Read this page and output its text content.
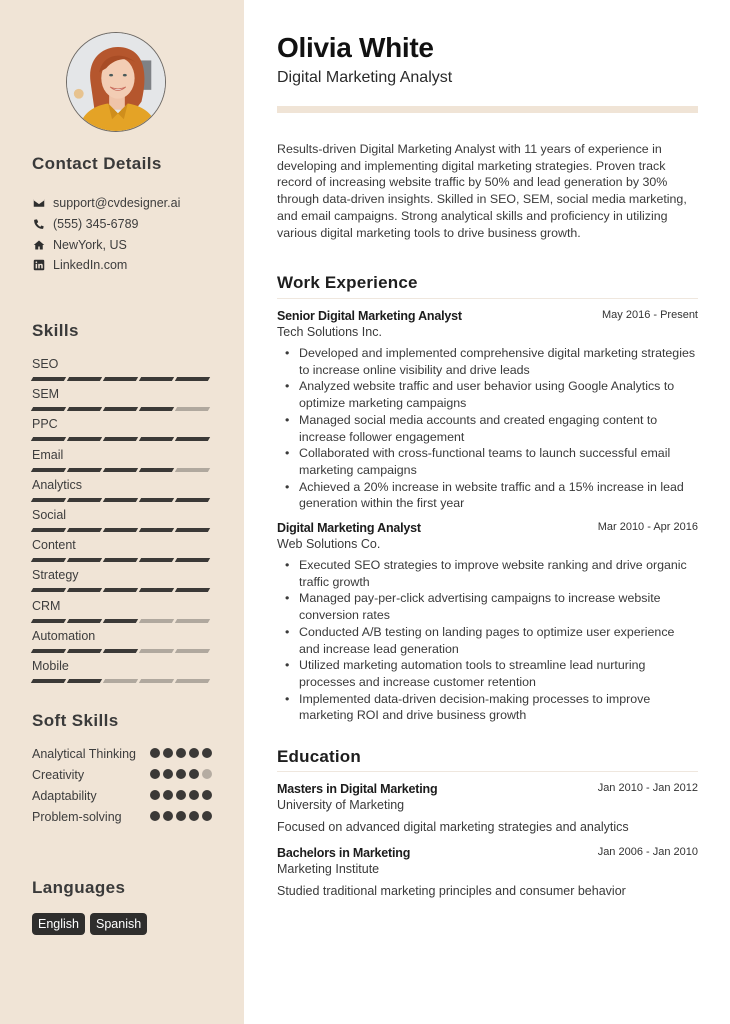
Contact Details
support@cvdesigner.ai
(555) 345-6789
NewYork, US
LinkedIn.com
Skills
SEO
SEM
PPC
Email
Analytics
Social
Content
Strategy
CRM
Automation
Mobile
Soft Skills
Analytical Thinking
Creativity
Adaptability
Problem-solving
Languages
English	Spanish
Olivia White
Digital Marketing Analyst

Results-driven Digital Marketing Analyst with 11 years of experience in developing and implementing digital marketing strategies. Proven track record of increasing website traffic by 50% and lead generation by 30% through data-driven insights. Skilled in SEO, SEM, social media marketing, and email campaigns. Strong analytical skills and proficiency in utilizing various digital marketing tools to drive business growth.

Work Experience
Senior Digital Marketing Analyst	May 2016 - Present
Tech Solutions Inc.
• Developed and implemented comprehensive digital marketing strategies to increase online visibility and drive leads
• Analyzed website traffic and user behavior using Google Analytics to optimize marketing campaigns
• Managed social media accounts and created engaging content to increase follower engagement
• Collaborated with cross-functional teams to launch successful email marketing campaigns
• Achieved a 20% increase in website traffic and a 15% increase in lead generation within the first year
Digital Marketing Analyst	Mar 2010 - Apr 2016
Web Solutions Co.
• Executed SEO strategies to improve website ranking and drive organic traffic growth
• Managed pay-per-click advertising campaigns to increase website conversion rates
• Conducted A/B testing on landing pages to optimize user experience and increase lead generation
• Utilized marketing automation tools to streamline lead nurturing processes and increase customer retention
• Implemented data-driven decision-making processes to improve marketing ROI and drive business growth
Education
Masters in Digital Marketing	Jan 2010 - Jan 2012
University of Marketing
Focused on advanced digital marketing strategies and analytics
Bachelors in Marketing	Jan 2006 - Jan 2010
Marketing Institute
Studied traditional marketing principles and consumer behavior
